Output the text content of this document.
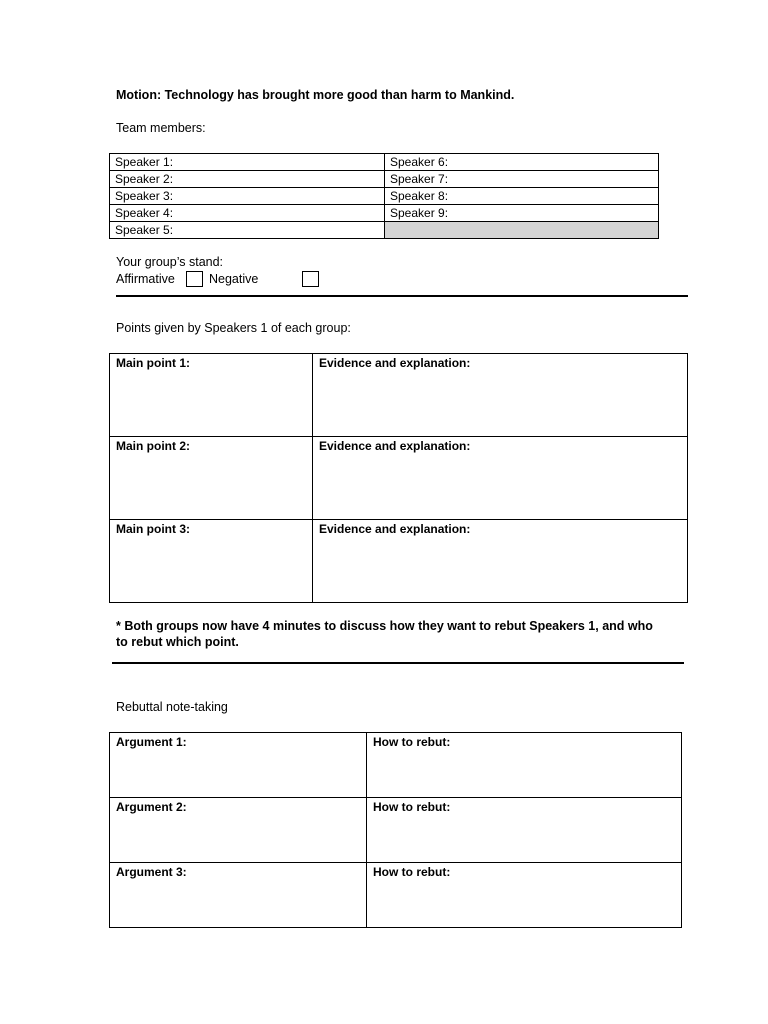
Motion: Technology has brought more good than harm to Mankind.
Team members:
Speaker 1:	Speaker 6:
Speaker 2:	Speaker 7:
Speaker 3:	Speaker 8:
Speaker 4:	Speaker 9:
Speaker 5:	
Your group’s stand:
Affirmative	Negative
Points given by Speakers 1 of each group:
Main point 1:	Evidence and explanation:
Main point 2:	Evidence and explanation:
Main point 3:	Evidence and explanation:
* Both groups now have 4 minutes to discuss how they want to rebut Speakers 1, and who to rebut which point.
Rebuttal note-taking
Argument 1:	How to rebut:
Argument 2:	How to rebut:
Argument 3:	How to rebut:
